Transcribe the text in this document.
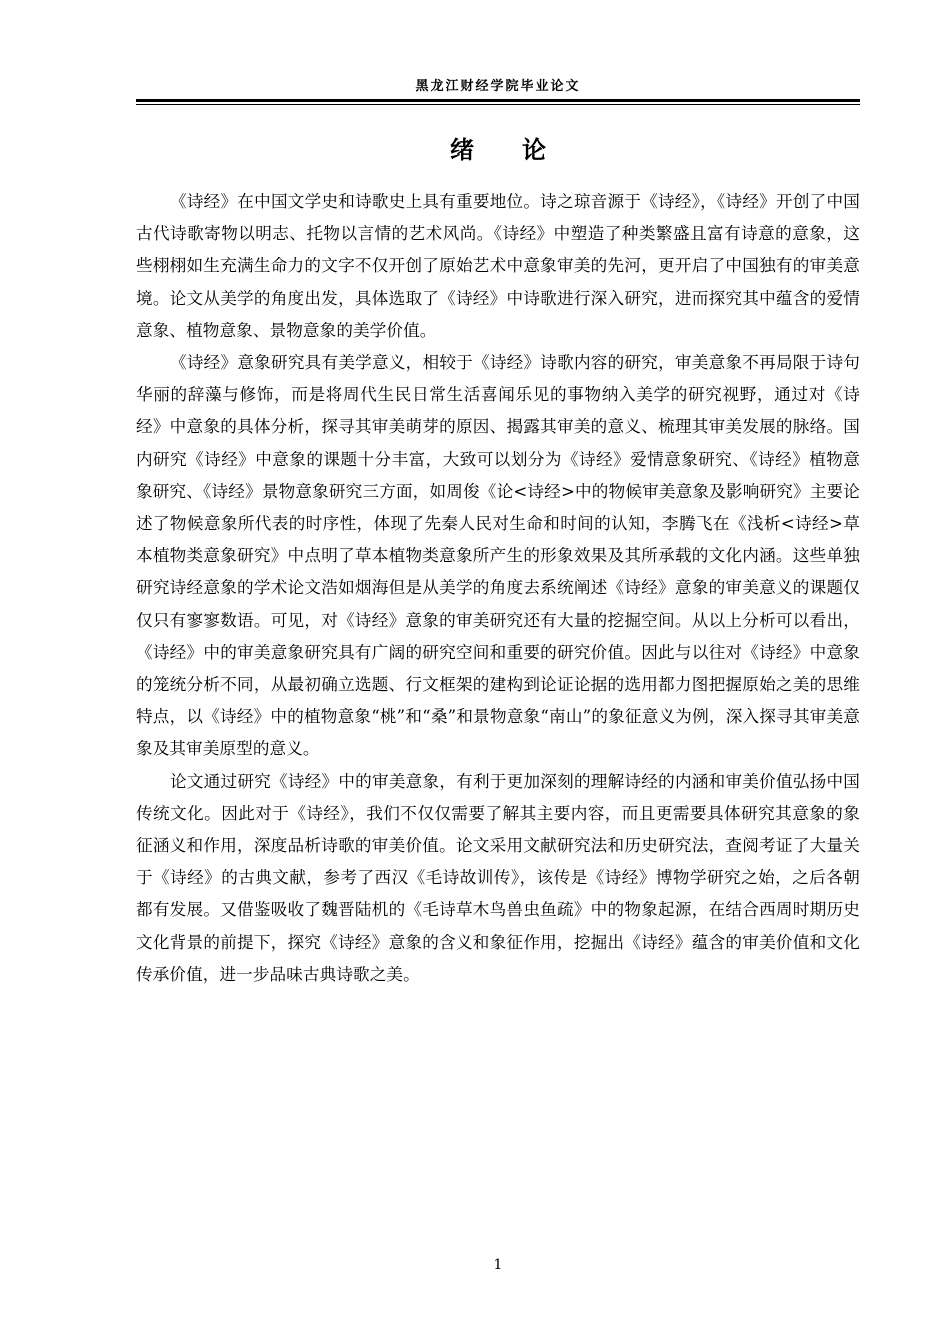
黑龙江财经学院毕业论文
绪 论

《诗经》在中国文学史和诗歌史上具有重要地位。诗之琼音源于《诗经》，《诗经》开创了中国古代诗歌寄物以明志、托物以言情的艺术风尚。《诗经》中塑造了种类繁盛且富有诗意的意象，这些栩栩如生充满生命力的文字不仅开创了原始艺术中意象审美的先河，更开启了中国独有的审美意境。论文从美学的角度出发，具体选取了《诗经》中诗歌进行深入研究，进而探究其中蕴含的爱情意象、植物意象、景物意象的美学价值。

《诗经》意象研究具有美学意义，相较于《诗经》诗歌内容的研究，审美意象不再局限于诗句华丽的辞藻与修饰，而是将周代生民日常生活喜闻乐见的事物纳入美学的研究视野，通过对《诗经》中意象的具体分析，探寻其审美萌芽的原因、揭露其审美的意义、梳理其审美发展的脉络。国内研究《诗经》中意象的课题十分丰富，大致可以划分为《诗经》爱情意象研究、《诗经》植物意象研究、《诗经》景物意象研究三方面，如周俊《论<诗经>中的物候审美意象及影响研究》主要论述了物候意象所代表的时序性，体现了先秦人民对生命和时间的认知，李腾飞在《浅析<诗经>草本植物类意象研究》中点明了草本植物类意象所产生的形象效果及其所承载的文化内涵。这些单独研究诗经意象的学术论文浩如烟海但是从美学的角度去系统阐述《诗经》意象的审美意义的课题仅仅只有寥寥数语。可见，对《诗经》意象的审美研究还有大量的挖掘空间。从以上分析可以看出，《诗经》中的审美意象研究具有广阔的研究空间和重要的研究价值。因此与以往对《诗经》中意象的笼统分析不同，从最初确立选题、行文框架的建构到论证论据的选用都力图把握原始之美的思维特点，以《诗经》中的植物意象“桃”和“桑”和景物意象“南山”的象征意义为例，深入探寻其审美意象及其审美原型的意义。

论文通过研究《诗经》中的审美意象，有利于更加深刻的理解诗经的内涵和审美价值弘扬中国传统文化。因此对于《诗经》，我们不仅仅需要了解其主要内容，而且更需要具体研究其意象的象征涵义和作用，深度品析诗歌的审美价值。论文采用文献研究法和历史研究法，查阅考证了大量关于《诗经》的古典文献，参考了西汉《毛诗故训传》，该传是《诗经》博物学研究之始，之后各朝都有发展。又借鉴吸收了魏晋陆机的《毛诗草木鸟兽虫鱼疏》中的物象起源，在结合西周时期历史文化背景的前提下，探究《诗经》意象的含义和象征作用，挖掘出《诗经》蕴含的审美价值和文化传承价值，进一步品味古典诗歌之美。

1
